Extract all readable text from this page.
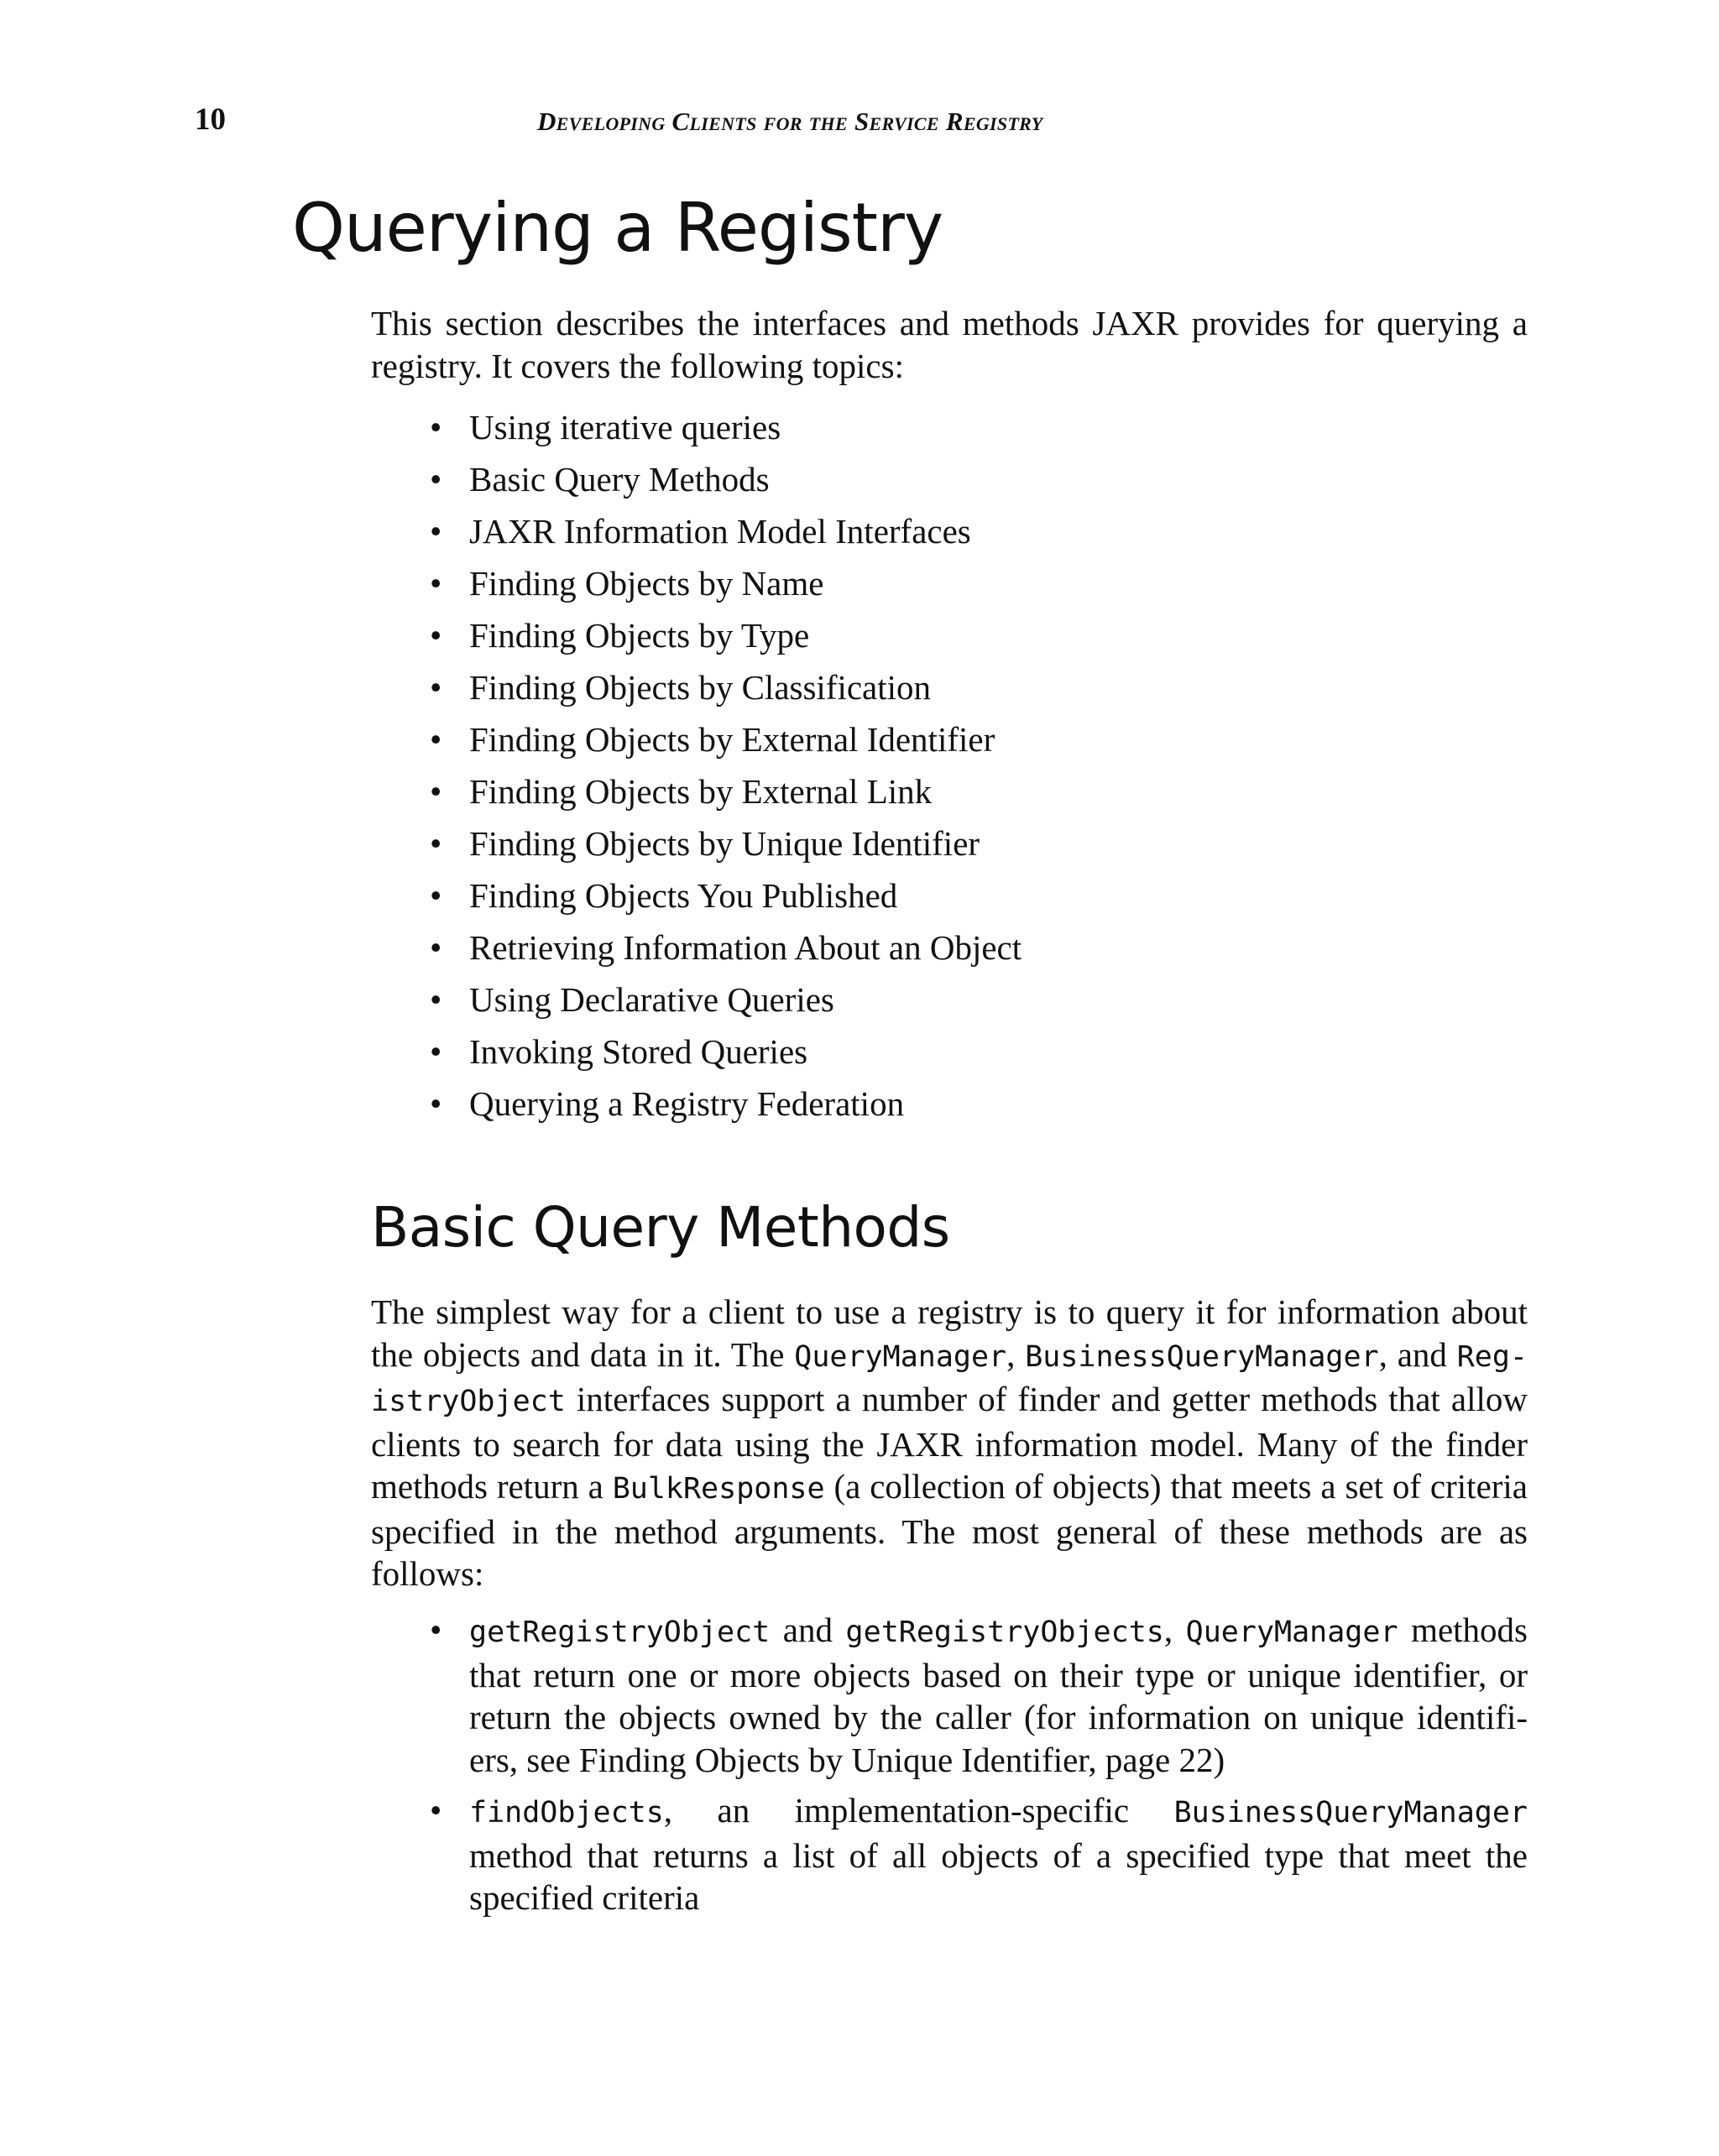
10	Developing Clients for the Service Registry
Querying a Registry

This section describes the interfaces and methods JAXR provides for querying a registry. It covers the following topics:

• Using iterative queries
• Basic Query Methods
• JAXR Information Model Interfaces
• Finding Objects by Name
• Finding Objects by Type
• Finding Objects by Classification
• Finding Objects by External Identifier
• Finding Objects by External Link
• Finding Objects by Unique Identifier
• Finding Objects You Published
• Retrieving Information About an Object
• Using Declarative Queries
• Invoking Stored Queries
• Querying a Registry Federation
Basic Query Methods

The simplest way for a client to use a registry is to query it for information about the objects and data in it. The QueryManager, BusinessQueryManager, and Reg-istryObject interfaces support a number of finder and getter methods that allow clients to search for data using the JAXR information model. Many of the finder methods return a BulkResponse (a collection of objects) that meets a set of criteria specified in the method arguments. The most general of these methods are as follows:

• getRegistryObject and getRegistryObjects, QueryManager methods that return one or more objects based on their type or unique identifier, or return the objects owned by the caller (for information on unique identifi-ers, see Finding Objects by Unique Identifier, page 22)
• findObjects, an implementation-specific BusinessQueryManager method that returns a list of all objects of a specified type that meet the specified criteria
